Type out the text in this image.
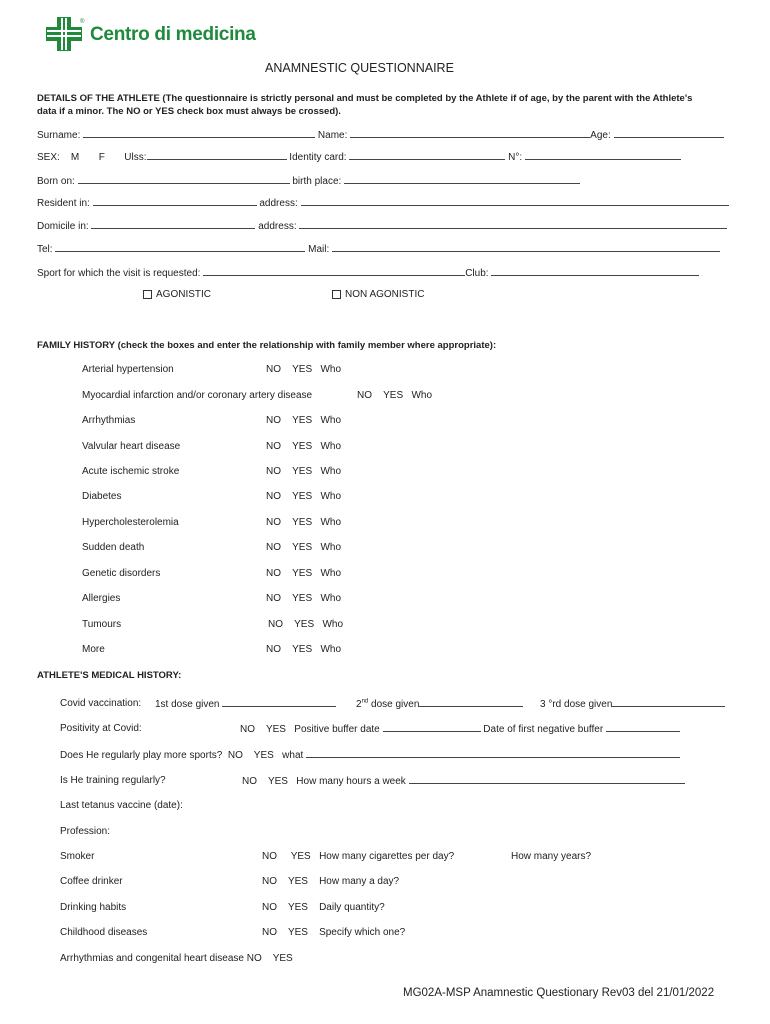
®
Centro di medicina
ANAMNESTIC QUESTIONNAIRE
DETAILS OF THE ATHLETE (The questionnaire is strictly personal and must be completed by the Athlete if of age, by the parent with the Athlete's
data if a minor. The NO or YES check box must always be crossed).
Surname:	Name:	Age:
SEX: M F Ulss:	Identity card:	N°:
Born on:	birth place:
Resident in:	address:
Domicile in:	address:
Tel:	Mail:
Sport for which the visit is requested:	Club:
AGONISTIC	NON AGONISTIC
FAMILY HISTORY (check the boxes and enter the relationship with family member where appropriate):
Arterial hypertension	NO YES Who
Myocardial infarction and/or coronary artery disease	NO YES Who
Arrhythmias	NO YES Who
Valvular heart disease	NO YES Who
Acute ischemic stroke	NO YES Who
Diabetes	NO YES Who
Hypercholesterolemia	NO YES Who
Sudden death	NO YES Who
Genetic disorders	NO YES Who
Allergies	NO YES Who
Tumours	NO YES Who
More	NO YES Who
ATHLETE'S MEDICAL HISTORY:
Covid vaccination: 1st dose given	2nd dose given	3 °rd dose given
Positivity at Covid:	NO YES Positive buffer date	Date of first negative buffer
Does He regularly play more sports? NO YES what
Is He training regularly?	NO YES How many hours a week
Last tetanus vaccine (date):
Profession:
Smoker	NO YES How many cigarettes per day?	How many years?
Coffee drinker	NO YES How many a day?
Drinking habits	NO YES Daily quantity?
Childhood diseases	NO YES Specify which one?
Arrhythmias and congenital heart disease NO YES
MG02A-MSP Anamnestic Questionary Rev03 del 21/01/2022
